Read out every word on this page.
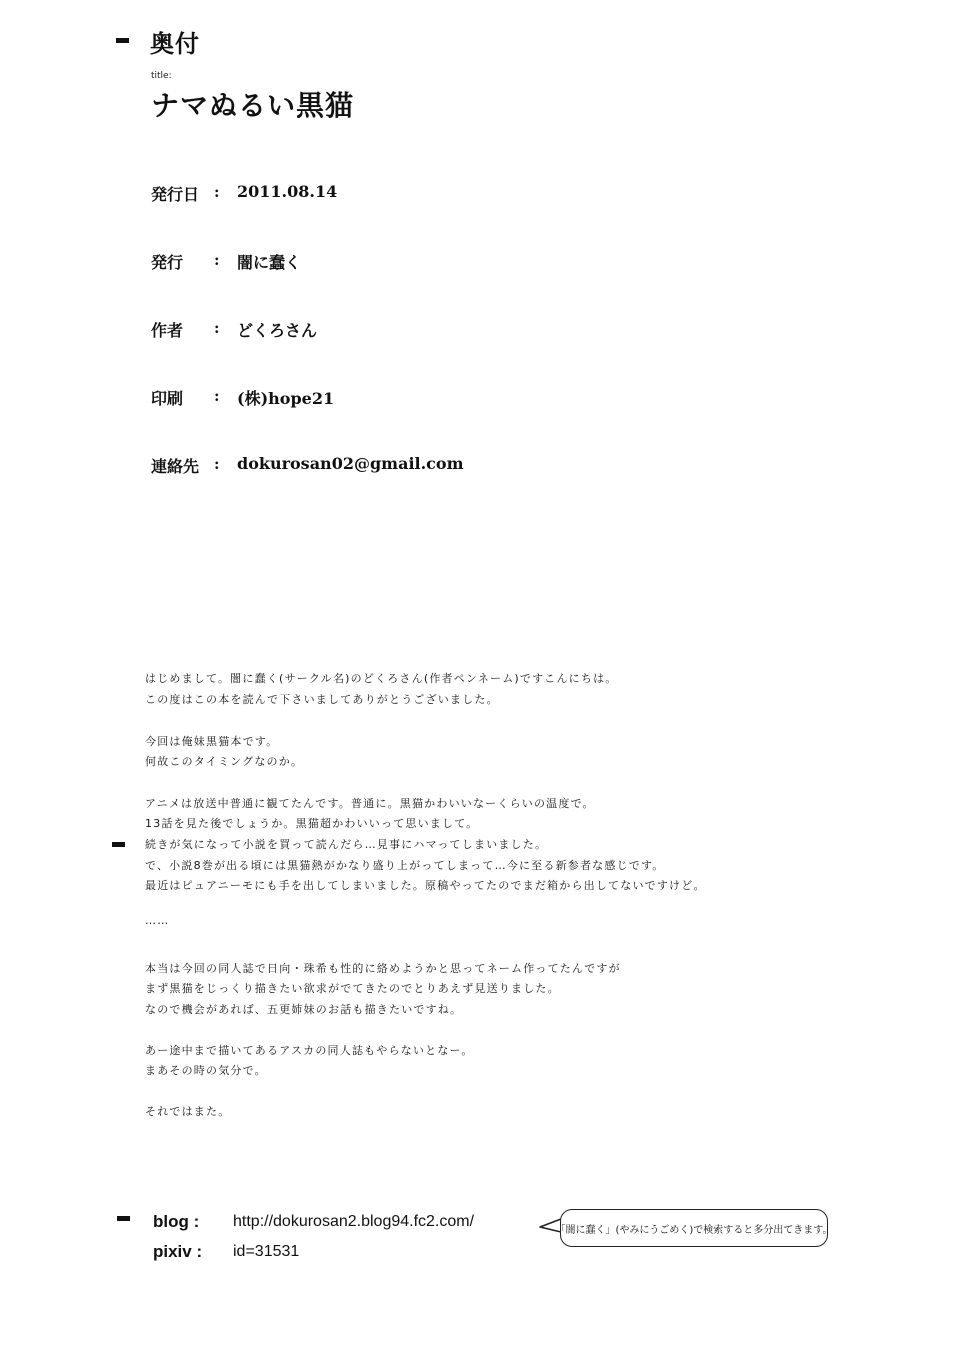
奥付
title:
ナマぬるい黒猫
発行日 : 2011.08.14
発行	: 闇に蠢く
作者	: どくろさん
印刷	: (株)hope21
連絡先 : dokurosan02@gmail.com
はじめまして。闇に蠢く(サークル名)のどくろさん(作者ペンネーム)ですこんにちは。
この度はこの本を読んで下さいましてありがとうございました。
今回は俺妹黒猫本です。
何故このタイミングなのか。
アニメは放送中普通に観てたんです。普通に。黒猫かわいいなーくらいの温度で。
13話を見た後でしょうか。黒猫超かわいいって思いまして。
続きが気になって小説を買って読んだら…見事にハマってしまいました。
で、小説8巻が出る頃には黒猫熱がかなり盛り上がってしまって…今に至る新参者な感じです。
最近はピュアニーモにも手を出してしまいました。原稿やってたのでまだ箱から出してないですけど。
……
本当は今回の同人誌で日向・珠希も性的に絡めようかと思ってネーム作ってたんですが
まず黒猫をじっくり描きたい欲求がでてきたのでとりあえず見送りました。
なので機会があれば、五更姉妹のお話も描きたいですね。
あー途中まで描いてあるアスカの同人誌もやらないとなー。
まあその時の気分で。
それではまた。
blog : http://dokurosan2.blog94.fc2.com/
pixiv : id=31531
「闇に蠢く」(やみにうごめく)で検索すると多分出てきます。
